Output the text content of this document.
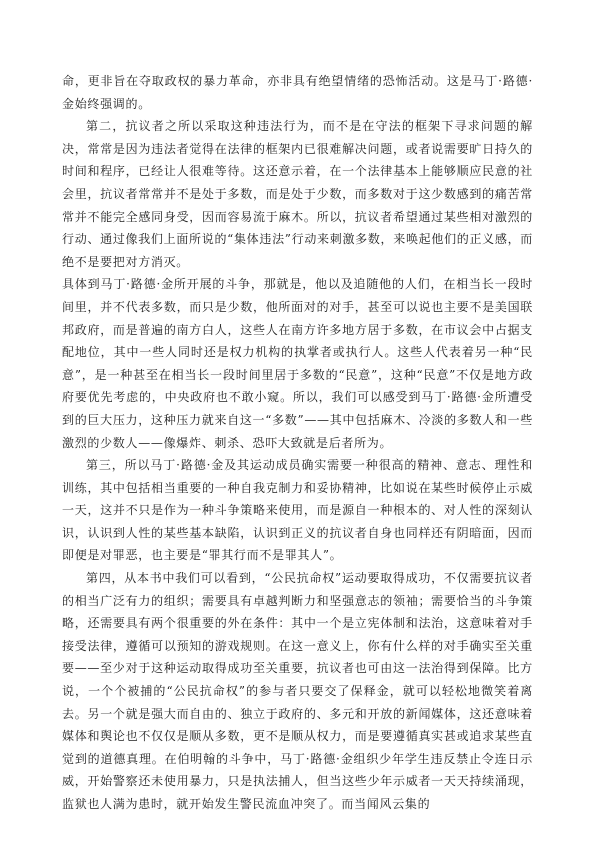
命，更非旨在夺取政权的暴力革命，亦非具有绝望情绪的恐怖活动。这是马丁·路德·金始终强调的。

第二，抗议者之所以采取这种违法行为，而不是在守法的框架下寻求问题的解决，常常是因为违法者觉得在法律的框架内已很难解决问题，或者说需要旷日持久的时间和程序，已经让人很难等待。这还意示着，在一个法律基本上能够顺应民意的社会里，抗议者常常并不是处于多数，而是处于少数，而多数对于这少数感到的痛苦常常并不能完全感同身受，因而容易流于麻木。所以，抗议者希望通过某些相对激烈的行动、通过像我们上面所说的“集体违法”行动来刺激多数，来唤起他们的正义感，而绝不是要把对方消灭。

具体到马丁·路德·金所开展的斗争，那就是，他以及追随他的人们，在相当长一段时间里，并不代表多数，而只是少数，他所面对的对手，甚至可以说也主要不是美国联邦政府，而是普遍的南方白人，这些人在南方许多地方居于多数，在市议会中占据支配地位，其中一些人同时还是权力机构的执掌者或执行人。这些人代表着另一种“民意”，是一种甚至在相当长一段时间里居于多数的“民意”，这种“民意”不仅是地方政府要优先考虑的，中央政府也不敢小窥。所以，我们可以感受到马丁·路德·金所遭受到的巨大压力，这种压力就来自这一“多数”——其中包括麻木、冷淡的多数人和一些激烈的少数人——像爆炸、刺杀、恐吓大致就是后者所为。

第三，所以马丁·路德·金及其运动成员确实需要一种很高的精神、意志、理性和训练，其中包括相当重要的一种自我克制力和妥协精神，比如说在某些时候停止示威一天，这并不只是作为一种斗争策略来使用，而是源自一种根本的、对人性的深刻认识，认识到人性的某些基本缺陷，认识到正义的抗议者自身也同样还有阴暗面，因而即便是对罪恶，也主要是“罪其行而不是罪其人”。

第四，从本书中我们可以看到，“公民抗命权”运动要取得成功，不仅需要抗议者的相当广泛有力的组织；需要具有卓越判断力和坚强意志的领袖；需要恰当的斗争策略，还需要具有两个很重要的外在条件：其中一个是立宪体制和法治，这意味着对手接受法律，遵循可以预知的游戏规则。在这一意义上，你有什么样的对手确实至关重要——至少对于这种运动取得成功至关重要，抗议者也可由这一法治得到保障。比方说，一个个被捕的“公民抗命权”的参与者只要交了保释金，就可以轻松地微笑着离去。另一个就是强大而自由的、独立于政府的、多元和开放的新闻媒体，这还意味着媒体和舆论也不仅仅是顺从多数，更不是顺从权力，而是要遵循真实甚或追求某些直觉到的道德真理。在伯明翰的斗争中，马丁·路德·金组织少年学生违反禁止令连日示威，开始警察还未使用暴力，只是执法捕人，但当这些少年示威者一天天持续涌现，监狱也人满为患时，就开始发生警民流血冲突了。而当闻风云集的
